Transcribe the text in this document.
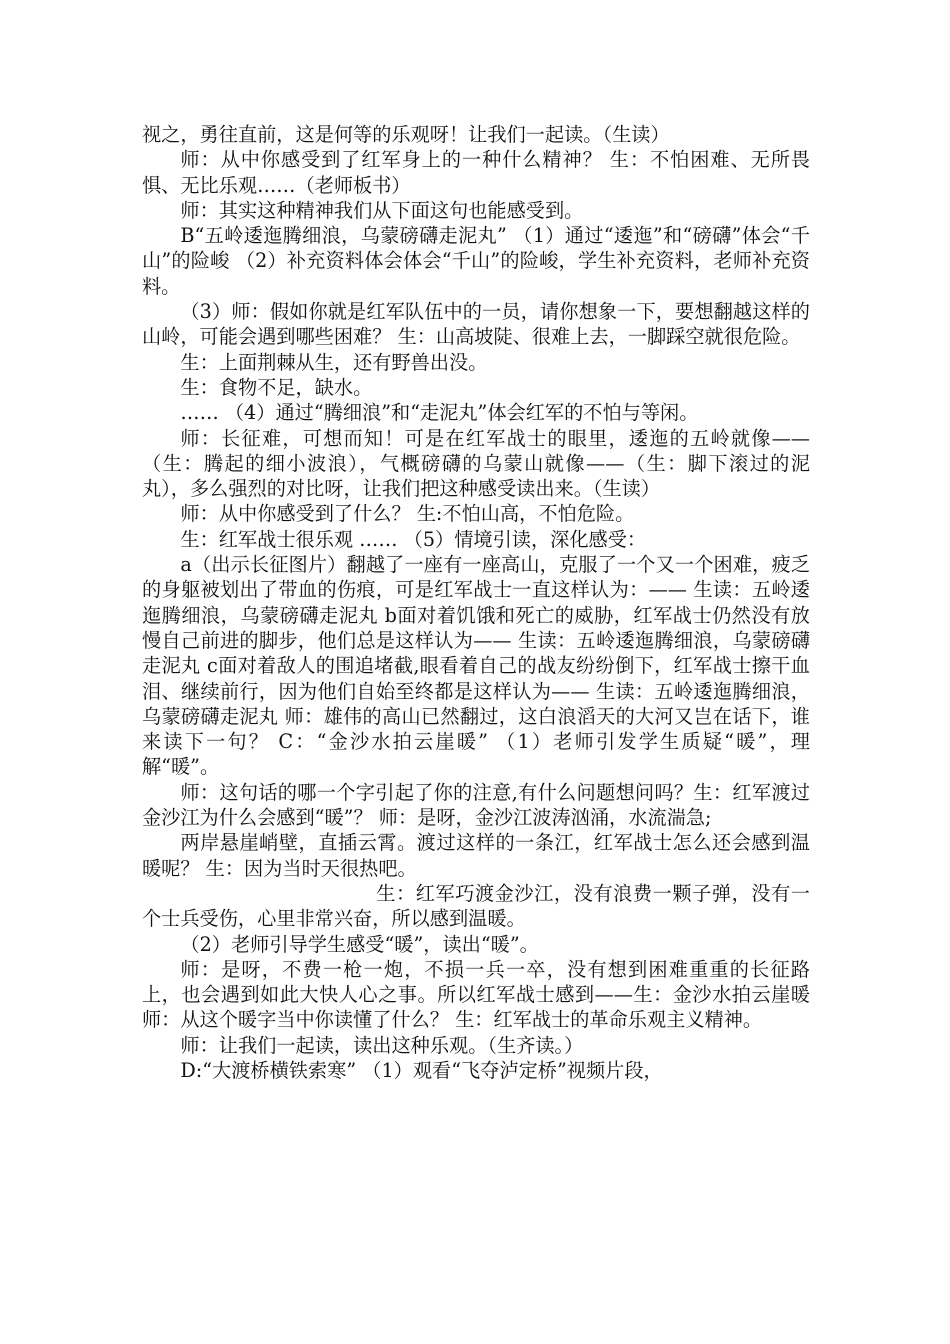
视之，勇往直前，这是何等的乐观呀！让我们一起读。（生读）

师：从中你感受到了红军身上的一种什么精神？ 生：不怕困难、无所畏惧、无比乐观……（老师板书）

师：其实这种精神我们从下面这句也能感受到。

B“五岭逶迤腾细浪，乌蒙磅礴走泥丸” （1）通过“逶迤”和“磅礴”体会“千山”的险峻 （2）补充资料体会体会“千山”的险峻，学生补充资料，老师补充资料。

（3）师：假如你就是红军队伍中的一员，请你想象一下，要想翻越这样的山岭，可能会遇到哪些困难？ 生：山高坡陡、很难上去，一脚踩空就很危险。

生：上面荆棘从生，还有野兽出没。

生：食物不足，缺水。

…… （4）通过“腾细浪”和“走泥丸”体会红军的不怕与等闲。

师：长征难，可想而知！可是在红军战士的眼里，逶迤的五岭就像——（生：腾起的细小波浪），气概磅礴的乌蒙山就像——（生：脚下滚过的泥丸），多么强烈的对比呀，让我们把这种感受读出来。（生读）

师：从中你感受到了什么？ 生:不怕山高，不怕危险。

生：红军战士很乐观 …… （5）情境引读，深化感受：

a（出示长征图片）翻越了一座有一座高山，克服了一个又一个困难，疲乏的身躯被划出了带血的伤痕，可是红军战士一直这样认为：—— 生读：五岭逶迤腾细浪，乌蒙磅礴走泥丸 b面对着饥饿和死亡的威胁，红军战士仍然没有放慢自己前进的脚步，他们总是这样认为—— 生读：五岭逶迤腾细浪，乌蒙磅礴走泥丸 c面对着敌人的围追堵截,眼看着自己的战友纷纷倒下，红军战士擦干血泪、继续前行，因为他们自始至终都是这样认为—— 生读：五岭逶迤腾细浪，乌蒙磅礴走泥丸 师：雄伟的高山已然翻过，这白浪滔天的大河又岂在话下，谁来读下一句？ C：“金沙水拍云崖暖” （1）老师引发学生质疑“暖”，理解“暖”。

师：这句话的哪一个字引起了你的注意,有什么问题想问吗？生：红军渡过金沙江为什么会感到“暖”？ 师：是呀，金沙江波涛汹涌，水流湍急;

两岸悬崖峭壁，直插云霄。渡过这样的一条江，红军战士怎么还会感到温暖呢？ 生：因为当时天很热吧。

生：红军巧渡金沙江，没有浪费一颗子弹，没有一个士兵受伤，心里非常兴奋，所以感到温暖。

（2）老师引导学生感受“暖”，读出“暖”。

师：是呀，不费一枪一炮，不损一兵一卒，没有想到困难重重的长征路上，也会遇到如此大快人心之事。所以红军战士感到——生：金沙水拍云崖暖 师：从这个暖字当中你读懂了什么？ 生：红军战士的革命乐观主义精神。

师：让我们一起读，读出这种乐观。（生齐读。）

D:“大渡桥横铁索寒” （1）观看“飞夺泸定桥”视频片段，
